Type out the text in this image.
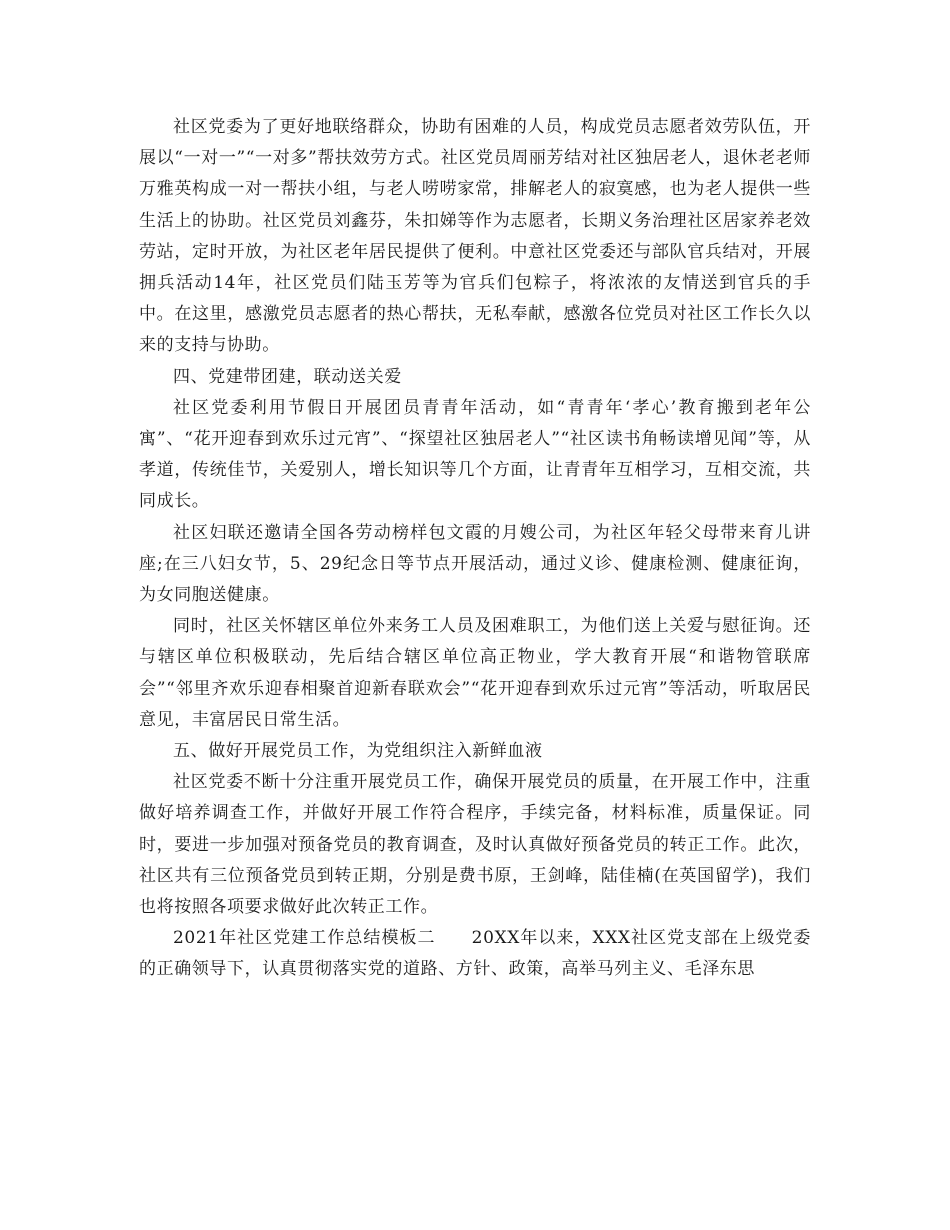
社区党委为了更好地联络群众，协助有困难的人员，构成党员志愿者效劳队伍，开展以“一对一”“一对多”帮扶效劳方式。社区党员周丽芳结对社区独居老人，退休老老师万雅英构成一对一帮扶小组，与老人唠唠家常，排解老人的寂寞感，也为老人提供一些生活上的协助。社区党员刘鑫芬，朱扣娣等作为志愿者，长期义务治理社区居家养老效劳站，定时开放，为社区老年居民提供了便利。中意社区党委还与部队官兵结对，开展拥兵活动14年，社区党员们陆玉芳等为官兵们包粽子，将浓浓的友情送到官兵的手中。在这里，感激党员志愿者的热心帮扶，无私奉献，感激各位党员对社区工作长久以来的支持与协助。

四、党建带团建，联动送关爱

社区党委利用节假日开展团员青青年活动，如“青青年‘孝心’教育搬到老年公寓”、“花开迎春到欢乐过元宵”、“探望社区独居老人”“社区读书角畅读增见闻”等，从孝道，传统佳节，关爱别人，增长知识等几个方面，让青青年互相学习，互相交流，共同成长。

社区妇联还邀请全国各劳动榜样包文霞的月嫂公司，为社区年轻父母带来育儿讲座;在三八妇女节，5、29纪念日等节点开展活动，通过义诊、健康检测、健康征询，为女同胞送健康。

同时，社区关怀辖区单位外来务工人员及困难职工，为他们送上关爱与慰征询。还与辖区单位积极联动，先后结合辖区单位高正物业，学大教育开展“和谐物管联席会”“邻里齐欢乐迎春相聚首迎新春联欢会”“花开迎春到欢乐过元宵”等活动，听取居民意见，丰富居民日常生活。

五、做好开展党员工作，为党组织注入新鲜血液

社区党委不断十分注重开展党员工作，确保开展党员的质量，在开展工作中，注重做好培养调查工作，并做好开展工作符合程序，手续完备，材料标准，质量保证。同时，要进一步加强对预备党员的教育调查，及时认真做好预备党员的转正工作。此次，社区共有三位预备党员到转正期，分别是费书原，王剑峰，陆佳楠(在英国留学)，我们也将按照各项要求做好此次转正工作。

2021年社区党建工作总结模板二　　20XX年以来，XXX社区党支部在上级党委的正确领导下，认真贯彻落实党的道路、方针、政策，高举马列主义、毛泽东思
